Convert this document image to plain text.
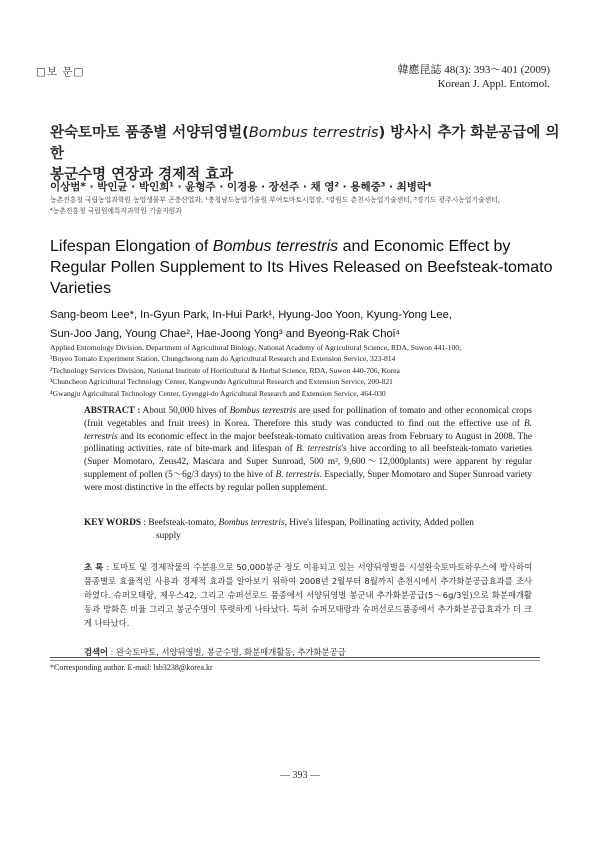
□보 문□	韓應昆誌 48(3): 393～401 (2009)
Korean J. Appl. Entomol.
완숙토마토 품종별 서양뒤영벌(Bombus terrestris) 방사시 추가 화분공급에 의한
봉군수명 연장과 경제적 효과
이상범* · 박인균 · 박인희¹ · 윤형주 · 이경용 · 장선주 · 채 영² · 용해중³ · 최병락⁴
농촌진흥청 국립농업과학원 농업생물부 곤충산업과, ¹충청남도농업기술원 부여토마토시험장, ²강원도 춘천시농업기술센터, ³경기도 광주시농업기술센터,
⁴농촌진흥청 국립원예특작과학원 기술지원과
Lifespan Elongation of Bombus terrestris and Economic Effect by
Regular Pollen Supplement to Its Hives Released on Beefsteak-tomato
Varieties
Sang-beom Lee*, In-Gyun Park, In-Hui Park¹, Hyung-Joo Yoon, Kyung-Yong Lee,
Sun-Joo Jang, Young Chae², Hae-Joong Yong³ and Byeong-Rak Choi⁴
Applied Entomology Division, Department of Agricultural Biology, National Academy of Agricultural Science, RDA, Suwon 441-100;
¹Buyeo Tomato Experiment Station, Chungcheong nam do Agricultural Research and Extension Service, 323-814
²Technology Services Division, National Institute of Horticultural & Herbal Science, RDA, Suwon 440-706, Korea
³Chuncheon Agricultural Technology Center, Kangwondo Agricultural Research and Extension Service, 200-821
⁴Gwangju Agricultural Technology Center, Gyenggi-do Agricultural Research and Extension Service, 464-030
ABSTRACT : About 50,000 hives of Bombus terrestris are used for pollination of tomato and other economical crops (fruit vegetables and fruit trees) in Korea. Therefore this study was conducted to find out the effective use of B. terrestris and its economic effect in the major beefsteak-tomato cultivation areas from February to August in 2008. The pollinating activities, rate of bite-mark and lifespan of B. terrestris's hive according to all beefsteak-tomato varieties (Super Momotaro, Zeus42, Mascara and Super Sunroad, 500 m², 9,600～12,000plants) were apparent by regular supplement of pollen (5～6g/3 days) to the hive of B. terrestris. Especially, Super Momotaro and Super Sunroad variety were most distinctive in the effects by regular pollen supplement.
KEY WORDS : Beefsteak-tomato, Bombus terrestris, Hive's lifespan, Pollinating activity, Added pollen
supply
초 록 : 토마토 및 경제작물의 수분용으로 50,000봉군 정도 이용되고 있는 서양뒤영벌을 시설완숙토마토하우스에 방사하여 품종별로 효율적인 사용과 경제적 효과를 알아보기 위하여 2008년 2월부터 8월까지 춘천시에서 추가화분공급효과를 조사하였다. 슈퍼모태랑, 제우스42, 그리고 슈퍼선로드 품종에서 서양뒤영벌 봉군내 추가화분공급(5～6g/3일)으로 화분매개활동과 방화흔 비율 그리고 봉군수명이 뚜렷하게 나타났다. 특히 슈퍼모태랑과 슈퍼선로드품종에서 추가화분공급효과가 더 크게 나타났다.
검색어 : 완숙토마토, 서양뒤영벌, 봉군수명, 화분매개활동, 추가화분공급
*Corresponding author. E-mail: lsb3238@korea.kr
— 393 —
